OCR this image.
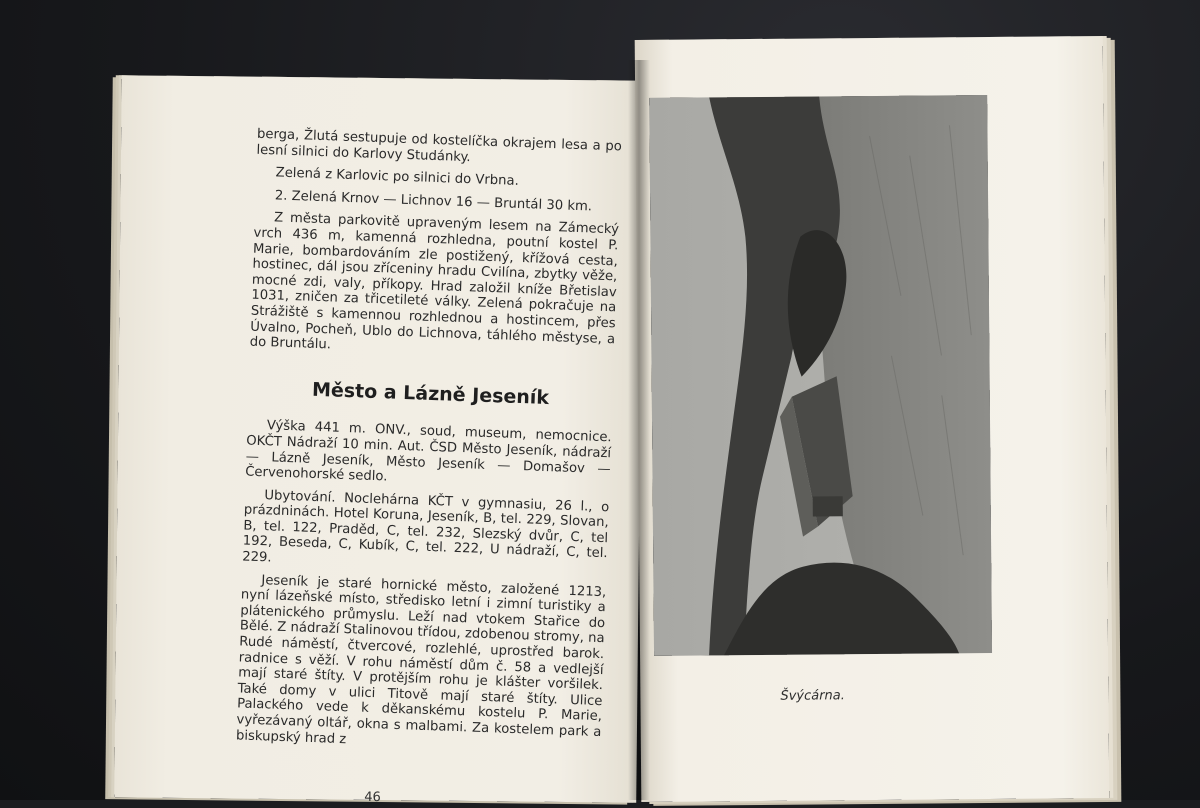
berga, Žlutá sestupuje od kostelíčka okrajem lesa a po lesní silnici do Karlovy Studánky.

Zelená z Karlovic po silnici do Vrbna.

2. Zelená Krnov — Lichnov 16 — Bruntál 30 km.

Z města parkovitě upraveným lesem na Zámecký vrch 436 m, kamenná rozhledna, poutní kostel P. Marie, bombardováním zle postižený, křížová cesta, hostinec, dál jsou zříceniny hradu Cvilína, zbytky věže, mocné zdi, valy, příkopy. Hrad založil kníže Břetislav 1031, zničen za třicetileté války. Zelená pokračuje na Strážiště s kamennou rozhlednou a hostincem, přes Úvalno, Pocheň, Ublo do Lichnova, táhlého městyse, a do Bruntálu.

Město a Lázně Jeseník

Výška 441 m. ONV., soud, museum, nemocnice. OKČT Nádraží 10 min. Aut. ČSD Město Jeseník, nádraží — Lázně Jeseník, Město Jeseník — Domašov — Červenohorské sedlo.

Ubytování. Noclehárna KČT v gymnasiu, 26 l., o prázdninách. Hotel Koruna, Jeseník, B, tel. 229, Slovan, B, tel. 122, Praděd, C, tel. 232, Slezský dvůr, C, tel 192, Beseda, C, Kubík, C, tel. 222, U nádraží, C, tel. 229.

Jeseník je staré hornické město, založené 1213, nyní lázeňské místo, středisko letní i zimní turistiky a plátenického průmyslu. Leží nad vtokem Stařice do Bělé. Z nádraží Stalinovou třídou, zdobenou stromy, na Rudé náměstí, čtvercové, rozlehlé, uprostřed barok. radnice s věží. V rohu náměstí dům č. 58 a vedlejší mají staré štíty. V protějším rohu je klášter voršilek. Také domy v ulici Titově mají staré štíty. Ulice Palackého vede k děkanskému kostelu P. Marie, vyřezávaný oltář, okna s malbami. Za kostelem park a biskupský hrad z

46
Švýcárna.
